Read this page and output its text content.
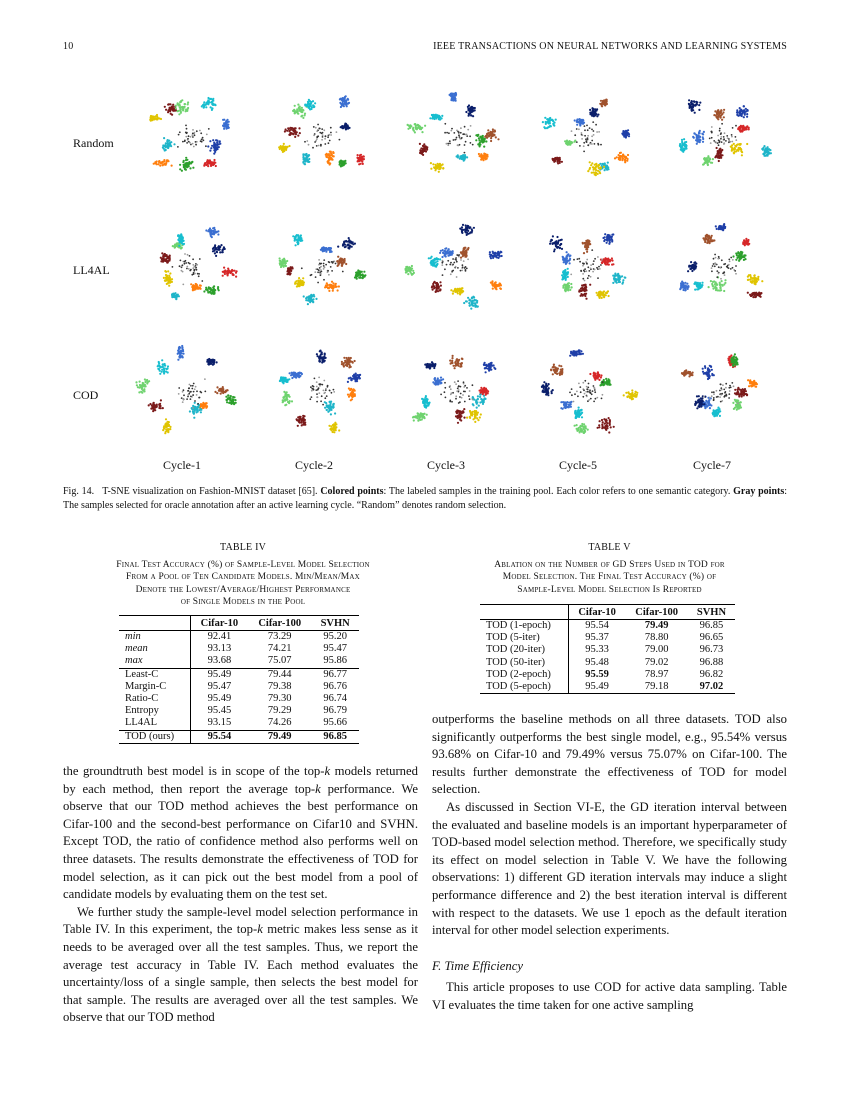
10	IEEE TRANSACTIONS ON NEURAL NETWORKS AND LEARNING SYSTEMS
Random
LL4AL
COD
Cycle-1	Cycle-2	Cycle-3	Cycle-5	Cycle-7
Fig. 14. T-SNE visualization on Fashion-MNIST dataset [65]. Colored points: The labeled samples in the training pool. Each color refers to one semantic category. Gray points: The samples selected for oracle annotation after an active learning cycle. “Random” denotes random selection.
TABLE IV
Final Test Accuracy (%) of Sample-Level Model Selection
From a Pool of Ten Candidate Models. Min/Mean/Max
Denote the Lowest/Average/Highest Performance
of Single Models in the Pool
	Cifar-10	Cifar-100	SVHN
min	92.41	73.29	95.20
mean	93.13	74.21	95.47
max	93.68	75.07	95.86
Least-C	95.49	79.44	96.77
Margin-C	95.47	79.38	96.76
Ratio-C	95.49	79.30	96.74
Entropy	95.45	79.29	96.79
LL4AL	93.15	74.26	95.66
TOD (ours)	95.54	79.49	96.85
TABLE V
Ablation on the Number of GD Steps Used in TOD for
Model Selection. The Final Test Accuracy (%) of
Sample-Level Model Selection Is Reported
	Cifar-10	Cifar-100	SVHN
TOD (1-epoch)	95.54	79.49	96.85
TOD (5-iter)	95.37	78.80	96.65
TOD (20-iter)	95.33	79.00	96.73
TOD (50-iter)	95.48	79.02	96.88
TOD (2-epoch)	95.59	78.97	96.82
TOD (5-epoch)	95.49	79.18	97.02

the groundtruth best model is in scope of the top-k models returned by each method, then report the average top-k performance. We observe that our TOD method achieves the best performance on Cifar-100 and the second-best performance on Cifar10 and SVHN. Except TOD, the ratio of confidence method also performs well on three datasets. The results demonstrate the effectiveness of TOD for model selection, as it can pick out the best model from a pool of candidate models by evaluating them on the test set.

We further study the sample-level model selection performance in Table IV. In this experiment, the top-k metric makes less sense as it needs to be averaged over all the test samples. Thus, we report the average test accuracy in Table IV. Each method evaluates the uncertainty/loss of a single sample, then selects the best model for that sample. The results are averaged over all the test samples. We observe that our TOD method

outperforms the baseline methods on all three datasets. TOD also significantly outperforms the best single model, e.g., 95.54% versus 93.68% on Cifar-10 and 79.49% versus 75.07% on Cifar-100. The results further demonstrate the effectiveness of TOD for model selection.

As discussed in Section VI-E, the GD iteration interval between the evaluated and baseline models is an important hyperparameter of TOD-based model selection method. Therefore, we specifically study its effect on model selection in Table V. We have the following observations: 1) different GD iteration intervals may induce a slight performance difference and 2) the best iteration interval is different with respect to the datasets. We use 1 epoch as the default iteration interval for other model selection experiments.

F. Time Efficiency

This article proposes to use COD for active data sampling. Table VI evaluates the time taken for one active sampling
